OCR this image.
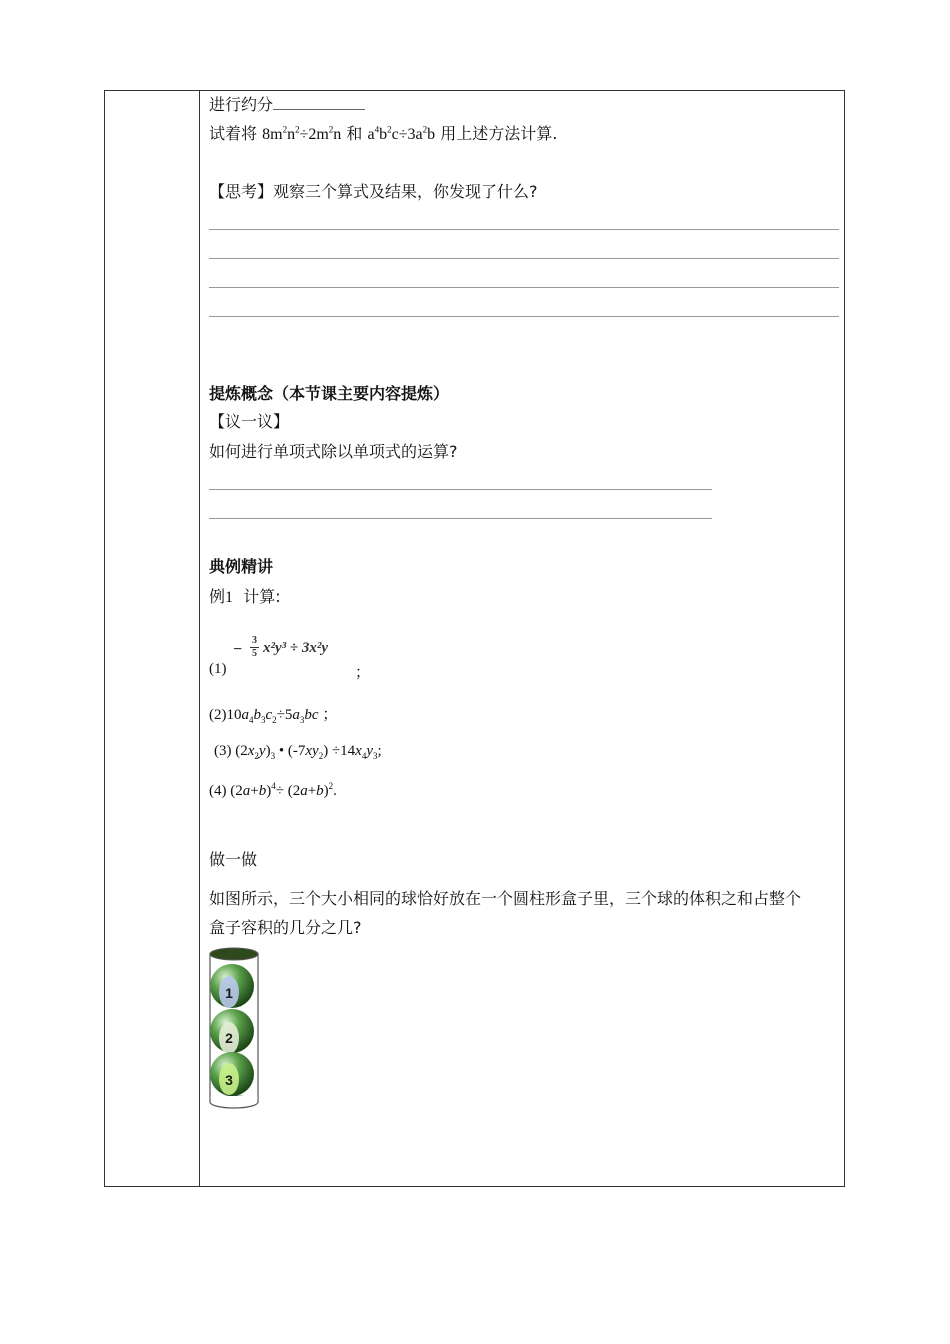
进行约分
试着将 $8m^2n^2\div 2m^2n$ 和 $a^4b^2c\div 3a^2b$ 用上述方法计算.
【思考】观察三个算式及结果，你发现了什么?
提炼概念（本节课主要内容提炼）
【议一议】
如何进行单项式除以单项式的运算?
典例精讲
例1 计算:
(1)
−
3
5 x²y³ ÷ 3x²y
；
$(2)10a_4b_3c_2\div 5a_3bc$ ；
(3) $(2x_2y)_3$ • $(-7xy_2) \div 14x_4y_3$;
(4) $(2a+b)^4\div (2a+b)^2$.
做一做
如图所示，三个大小相同的球恰好放在一个圆柱形盒子里，三个球的体积之和占整个
盒子容积的几分之几?
1
2
3
